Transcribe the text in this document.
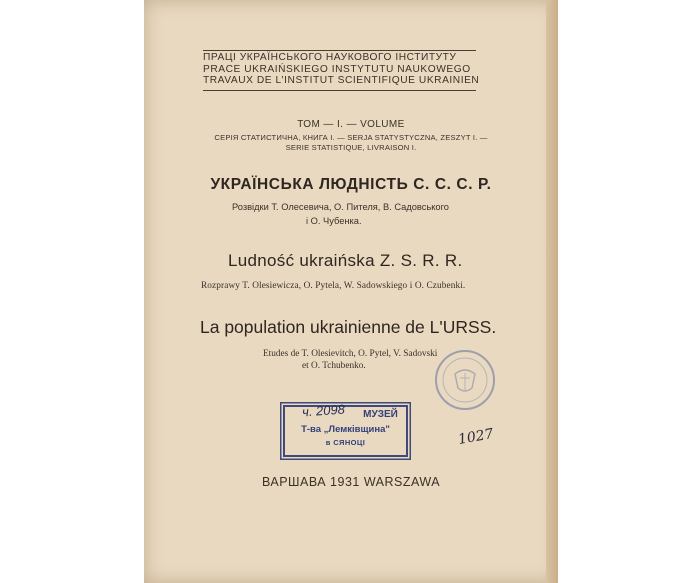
ПРАЦІ УКРАЇНСЬКОГО НАУКОВОГО ІНСТИТУТУ
PRACE UKRAIŃSKIEGO INSTYTUTU NAUKOWEGO
TRAVAUX DE L'INSTITUT SCIENTIFIQUE UKRAINIEN
ТОМ — I. — VOLUME
СЕРІЯ СТАТИСТИЧНА, КНИГА І. — SERJA STATYSTYCZNA, ZESZYT I. —
SERIE STATISTIQUE, LIVRAISON I.
УКРАЇНСЬКА ЛЮДНІСТЬ С. С. С. Р.
Розвідки Т. Олесевича, О. Пителя, В. Садовського
і О. Чубенка.
Ludność ukraińska Z. S. R. R.
Rozprawy T. Olesiewicza, O. Pytela, W. Sadowskiego i O. Czubenki.
La population ukrainienne de L'URSS.
Etudes de T. Olesievitch, O. Pytel, V. Sadovski
et O. Tchubenko.
ч. 2098	МУЗЕЙ
Т-ва „Лемківщина"
в СЯНОЦІ	1027
ВАРШАВА 1931 WARSZAWA
